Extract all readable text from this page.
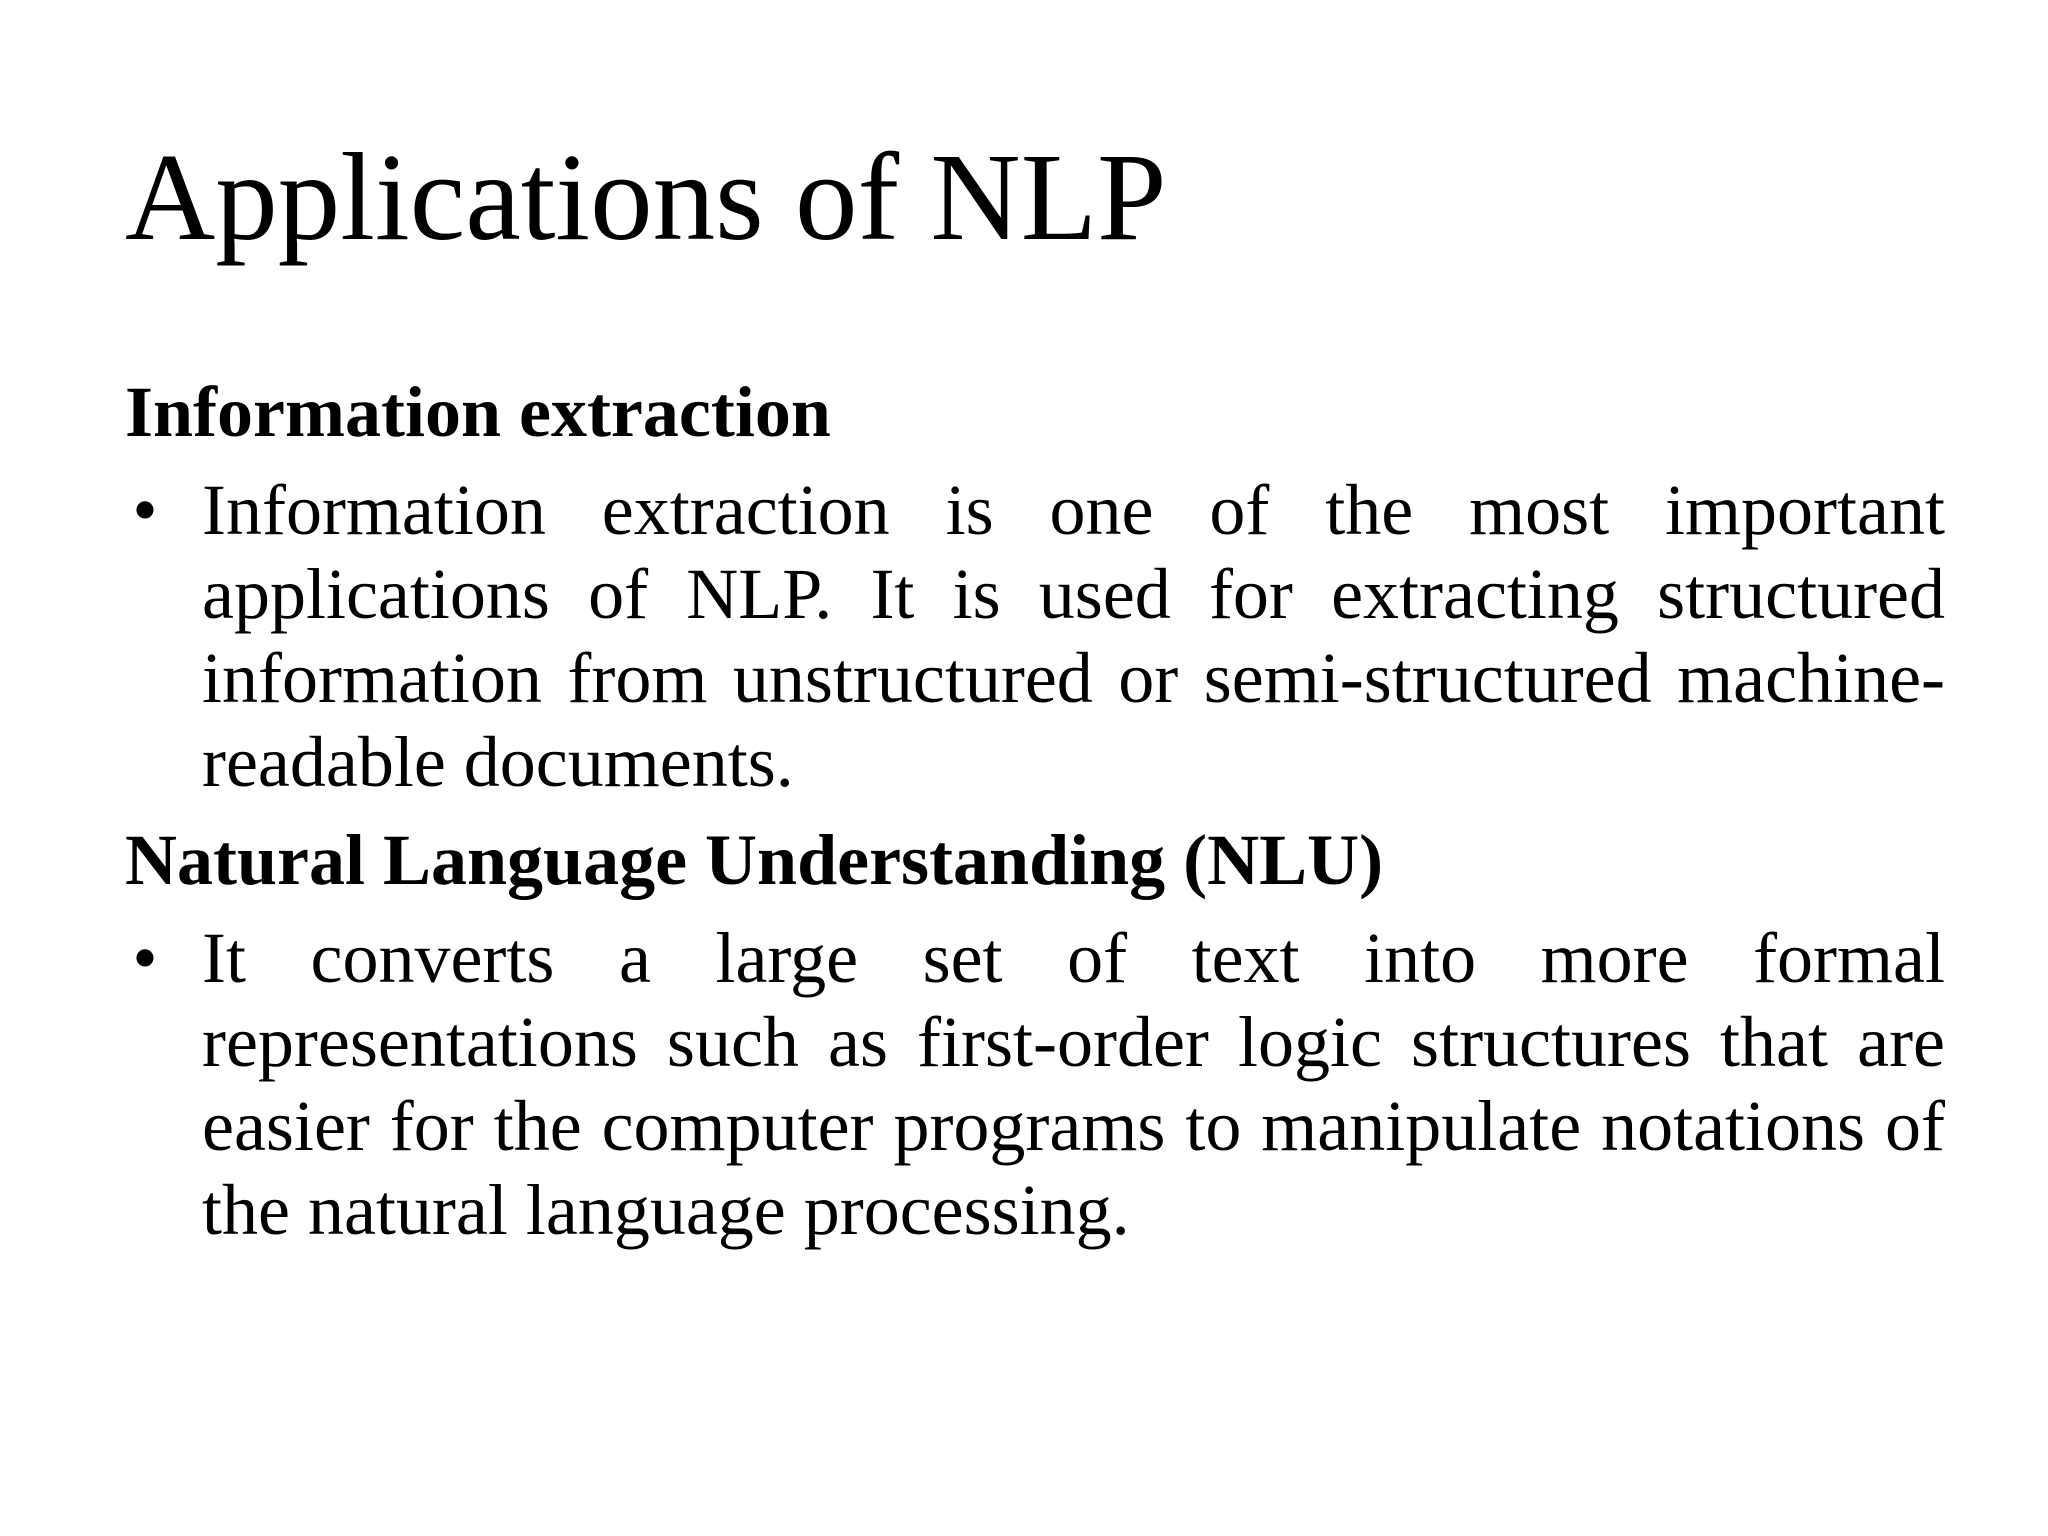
Applications of NLP
Information extraction
• Information extraction is one of the most important applications of NLP. It is used for extracting structured information from unstructured or semi-structured machine-readable documents.
Natural Language Understanding (NLU)
• It converts a large set of text into more formal representations such as first-order logic structures that are easier for the computer programs to manipulate notations of the natural language processing.
